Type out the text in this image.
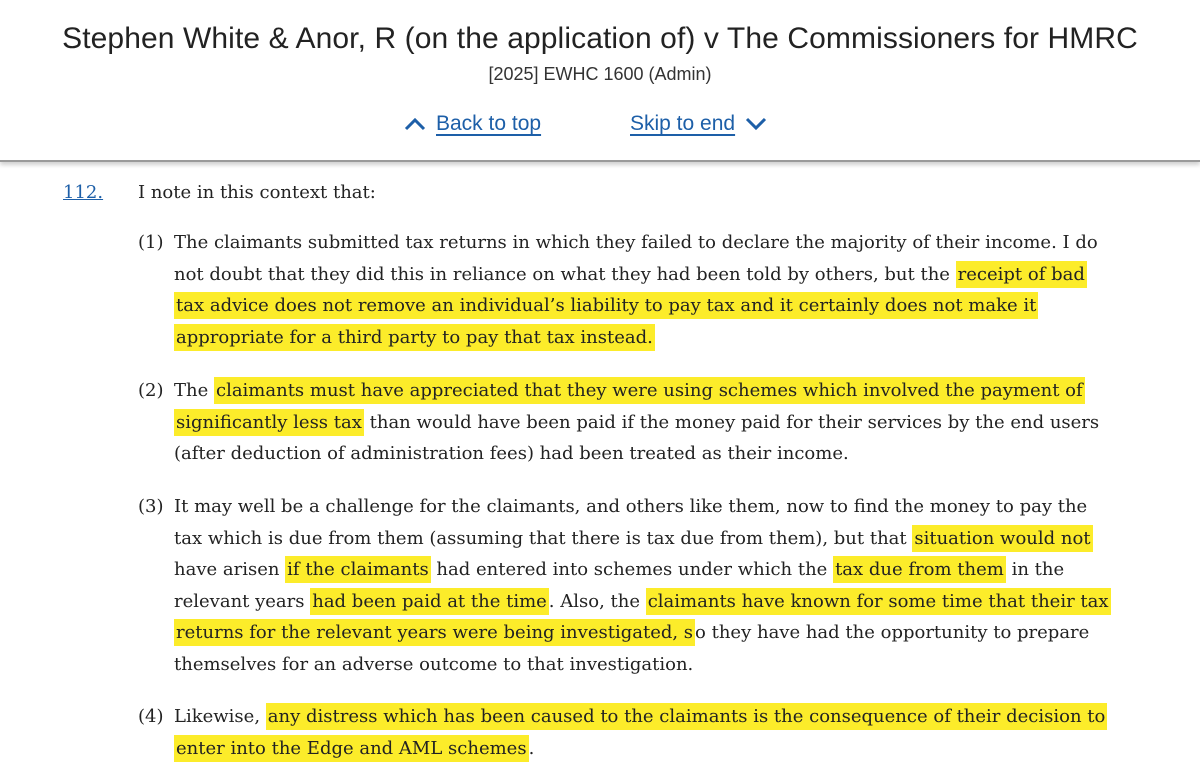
Stephen White & Anor, R (on the application of) v The Commissioners for HMRC
[2025] EWHC 1600 (Admin)
Back to top	Skip to end
112. I note in this context that:
(1) The claimants submitted tax returns in which they failed to declare the majority of their income. I do not doubt that they did this in reliance on what they had been told by others, but the receipt of bad tax advice does not remove an individual’s liability to pay tax and it certainly does not make it appropriate for a third party to pay that tax instead.
(2) The claimants must have appreciated that they were using schemes which involved the payment of significantly less tax than would have been paid if the money paid for their services by the end users (after deduction of administration fees) had been treated as their income.
(3) It may well be a challenge for the claimants, and others like them, now to find the money to pay the tax which is due from them (assuming that there is tax due from them), but that situation would not have arisen if the claimants had entered into schemes under which the tax due from them in the relevant years had been paid at the time . Also, the claimants have known for some time that their tax returns for the relevant years were being investigated, s o they have had the opportunity to prepare themselves for an adverse outcome to that investigation.
(4) Likewise, any distress which has been caused to the claimants is the consequence of their decision to enter into the Edge and AML schemes .
